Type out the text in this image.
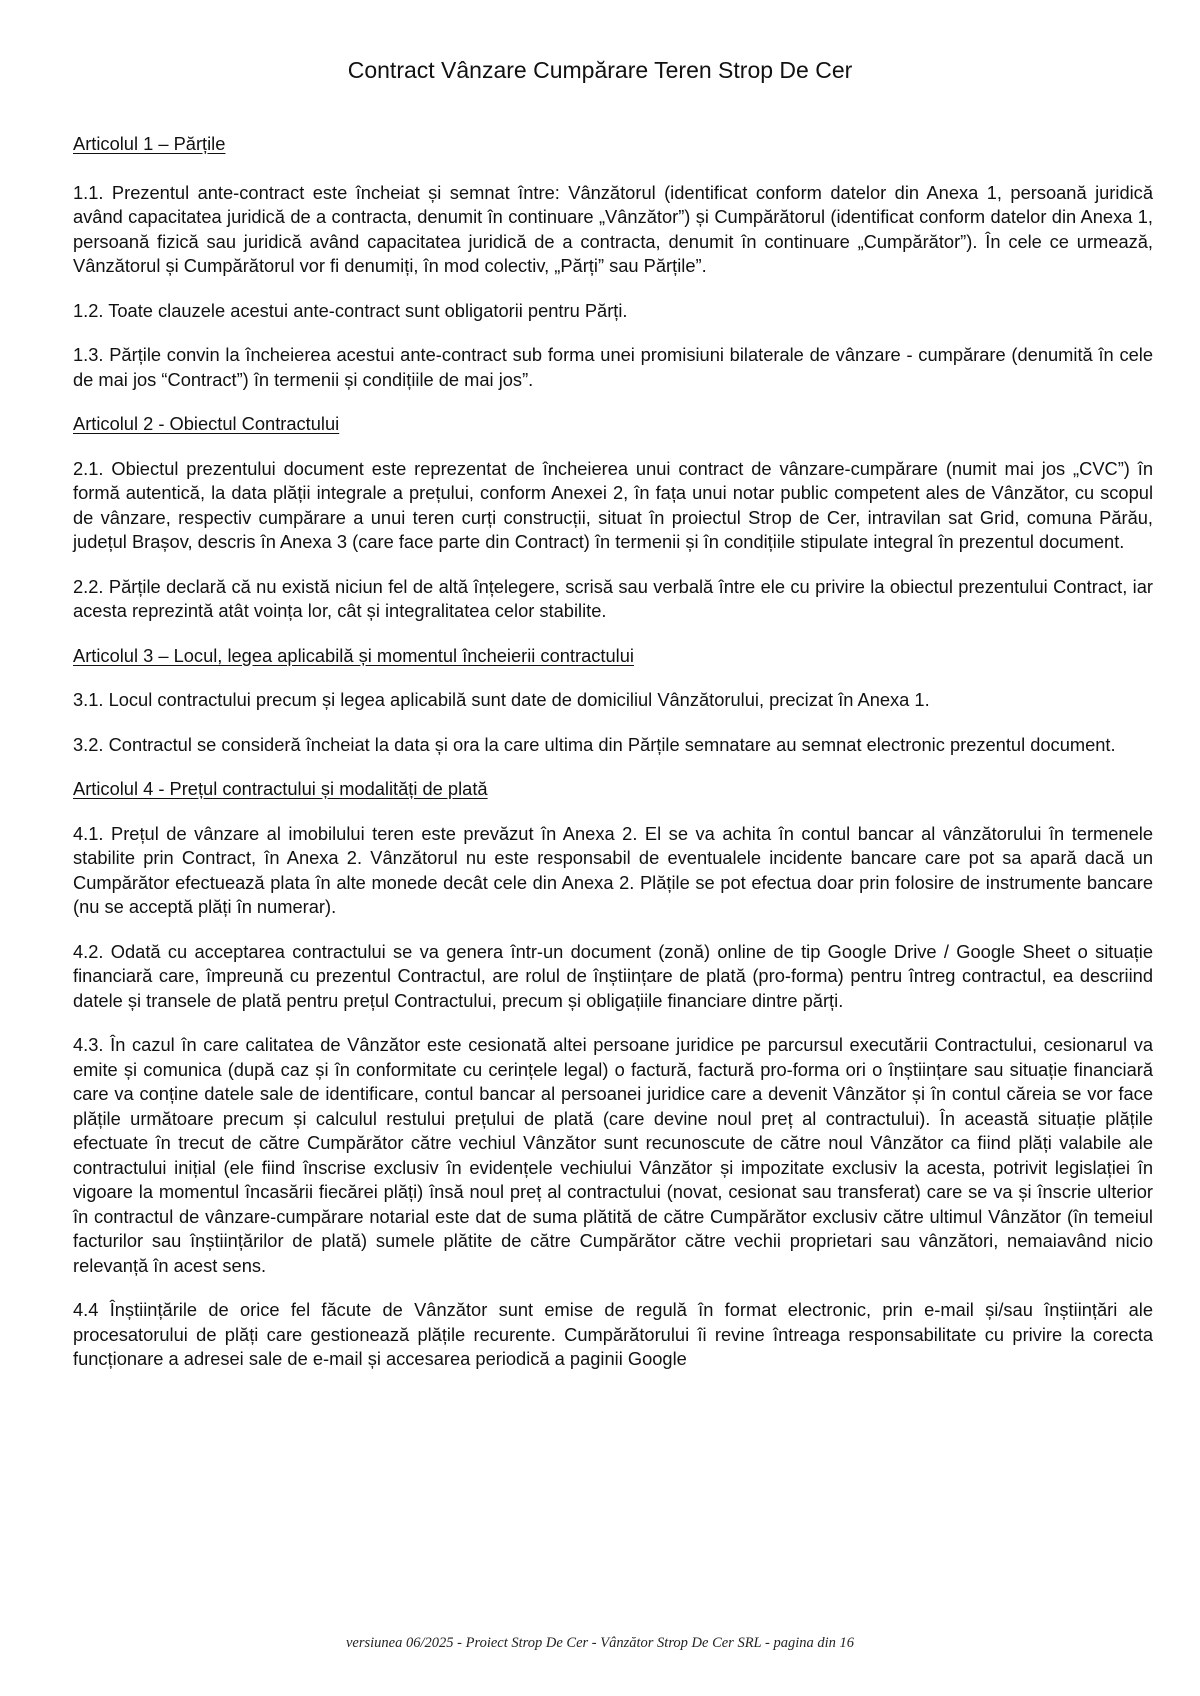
Contract Vânzare Cumpărare Teren Strop De Cer
Articolul 1 – Părțile
1.1. Prezentul ante-contract este încheiat și semnat între: Vânzătorul (identificat conform datelor din Anexa 1, persoană juridică având capacitatea juridică de a contracta, denumit în continuare „Vânzător”) și Cumpărătorul (identificat conform datelor din Anexa 1, persoană fizică sau juridică având capacitatea juridică de a contracta, denumit în continuare „Cumpărător”). În cele ce urmează, Vânzătorul și Cumpărătorul vor fi denumiți, în mod colectiv, „Părți” sau Părțile”.
1.2. Toate clauzele acestui ante-contract sunt obligatorii pentru Părți.
1.3. Părțile convin la încheierea acestui ante-contract sub forma unei promisiuni bilaterale de vânzare - cumpărare (denumită în cele de mai jos “Contract”) în termenii și condițiile de mai jos”.
Articolul 2 - Obiectul Contractului
2.1. Obiectul prezentului document este reprezentat de încheierea unui contract de vânzare-cumpărare (numit mai jos „CVC”) în formă autentică, la data plății integrale a prețului, conform Anexei 2, în fața unui notar public competent ales de Vânzător, cu scopul de vânzare, respectiv cumpărare a unui teren curți construcții, situat în proiectul Strop de Cer, intravilan sat Grid, comuna Părău, județul Brașov, descris în Anexa 3 (care face parte din Contract) în termenii și în condițiile stipulate integral în prezentul document.
2.2. Părțile declară că nu există niciun fel de altă înțelegere, scrisă sau verbală între ele cu privire la obiectul prezentului Contract, iar acesta reprezintă atât voința lor, cât și integralitatea celor stabilite.
Articolul 3 – Locul, legea aplicabilă și momentul încheierii contractului
3.1. Locul contractului precum și legea aplicabilă sunt date de domiciliul Vânzătorului, precizat în Anexa 1.
3.2. Contractul se consideră încheiat la data și ora la care ultima din Părțile semnatare au semnat electronic prezentul document.
Articolul 4 - Prețul contractului și modalități de plată
4.1. Prețul de vânzare al imobilului teren este prevăzut în Anexa 2. El se va achita în contul bancar al vânzătorului în termenele stabilite prin Contract, în Anexa 2. Vânzătorul nu este responsabil de eventualele incidente bancare care pot sa apară dacă un Cumpărător efectuează plata în alte monede decât cele din Anexa 2. Plățile se pot efectua doar prin folosire de instrumente bancare (nu se acceptă plăți în numerar).
4.2. Odată cu acceptarea contractului se va genera într-un document (zonă) online de tip Google Drive / Google Sheet o situație financiară care, împreună cu prezentul Contractul, are rolul de înștiințare de plată (pro-forma) pentru întreg contractul, ea descriind datele și transele de plată pentru prețul Contractului, precum și obligațiile financiare dintre părți.
4.3. În cazul în care calitatea de Vânzător este cesionată altei persoane juridice pe parcursul executării Contractului, cesionarul va emite și comunica (după caz și în conformitate cu cerințele legal) o factură, factură pro-forma ori o înștiințare sau situație financiară care va conține datele sale de identificare, contul bancar al persoanei juridice care a devenit Vânzător și în contul căreia se vor face plățile următoare precum și calculul restului prețului de plată (care devine noul preț al contractului). În această situație plățile efectuate în trecut de către Cumpărător către vechiul Vânzător sunt recunoscute de către noul Vânzător ca fiind plăți valabile ale contractului inițial (ele fiind înscrise exclusiv în evidențele vechiului Vânzător și impozitate exclusiv la acesta, potrivit legislației în vigoare la momentul încasării fiecărei plăți) însă noul preț al contractului (novat, cesionat sau transferat) care se va și înscrie ulterior în contractul de vânzare-cumpărare notarial este dat de suma plătită de către Cumpărător exclusiv către ultimul Vânzător (în temeiul facturilor sau înștiințărilor de plată) sumele plătite de către Cumpărător către vechii proprietari sau vânzători, nemaiavând nicio relevanță în acest sens.
4.4 Înștiințările de orice fel făcute de Vânzător sunt emise de regulă în format electronic, prin e-mail și/sau înștiințări ale procesatorului de plăți care gestionează plățile recurente. Cumpărătorului îi revine întreaga responsabilitate cu privire la corecta funcționare a adresei sale de e-mail și accesarea periodică a paginii Google
versiunea 06/2025 - Proiect Strop De Cer - Vânzător Strop De Cer SRL - pagina din 16
